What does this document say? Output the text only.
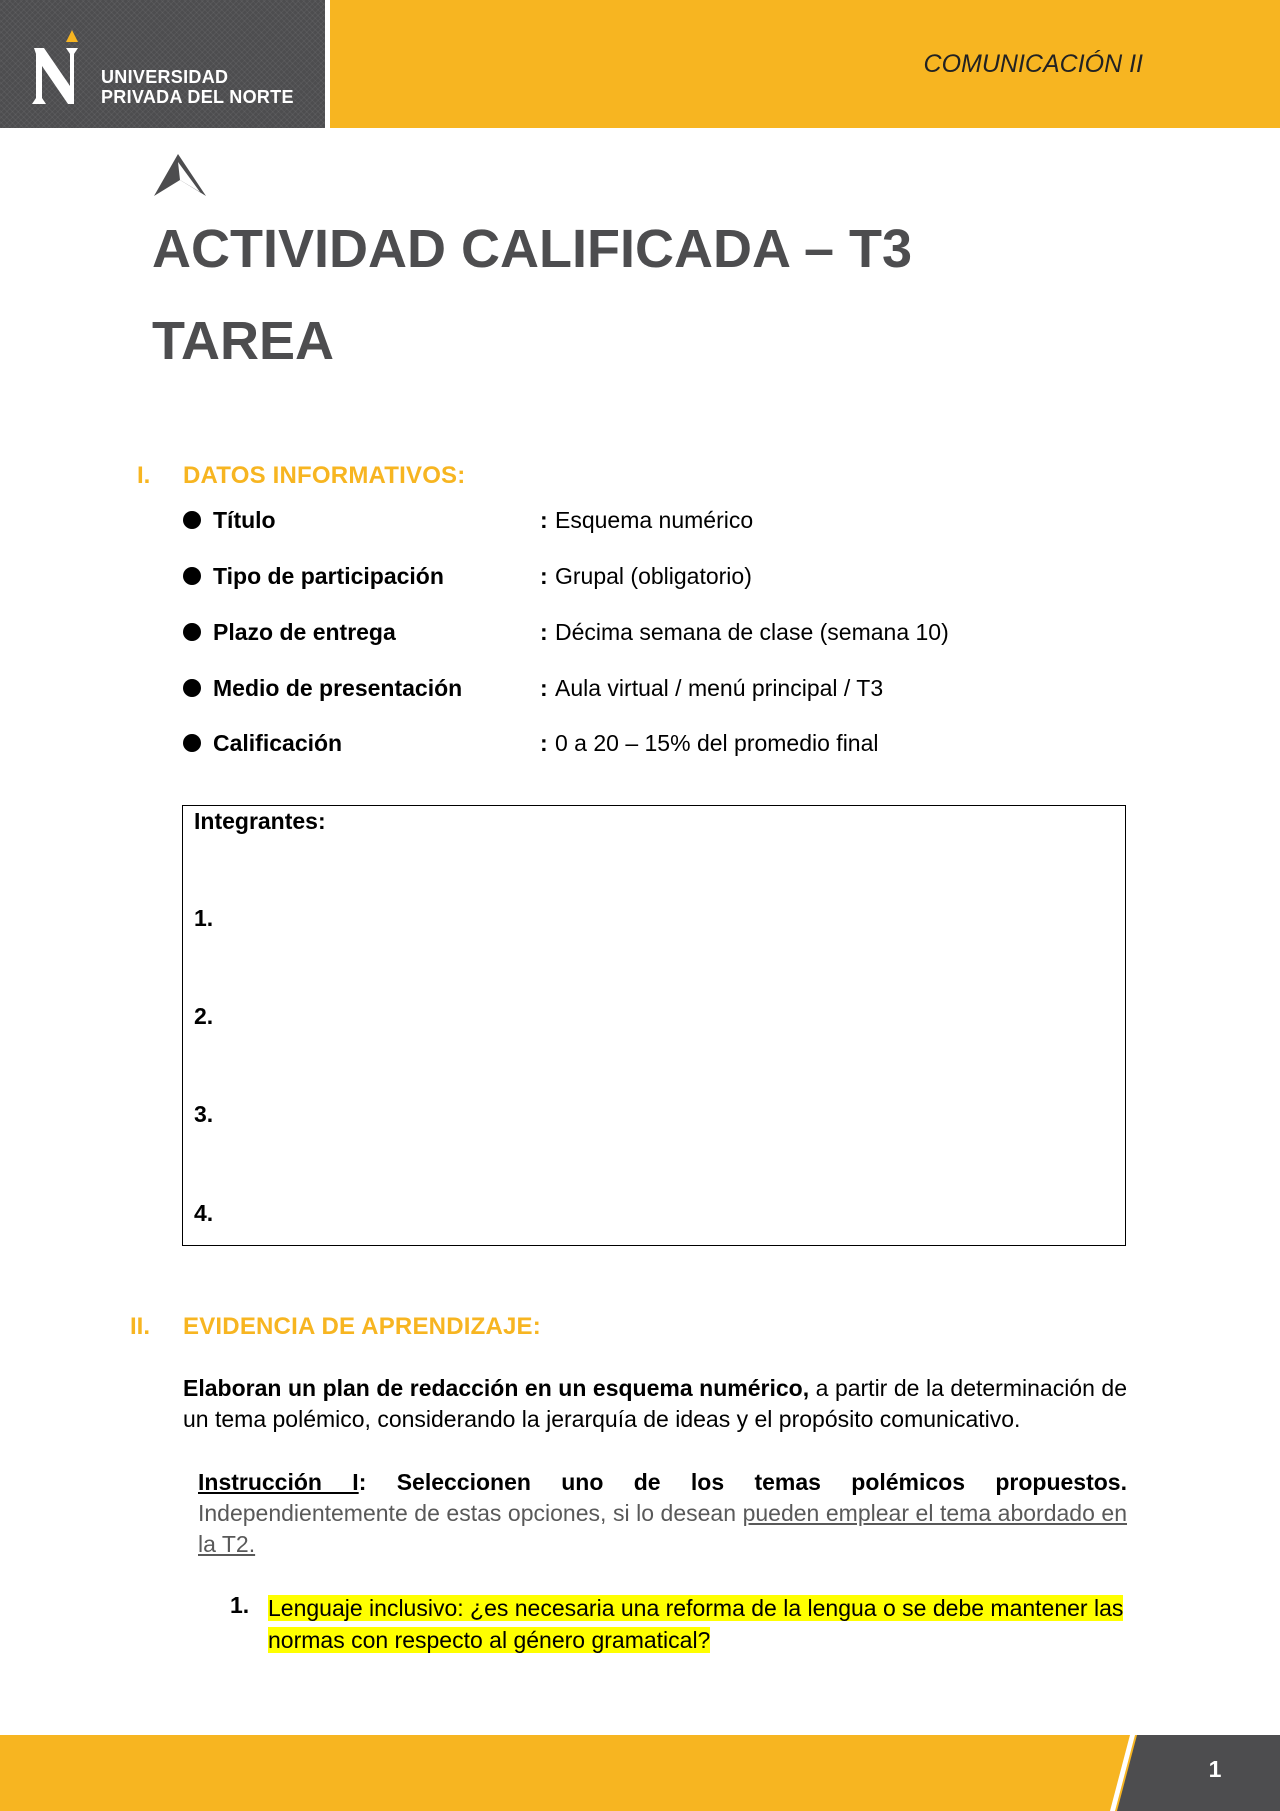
UNIVERSIDAD
PRIVADA DEL NORTE
COMUNICACIÓN II
ACTIVIDAD CALIFICADA – T3
TAREA
I. DATOS INFORMATIVOS:
Título	: Esquema numérico
Tipo de participación	: Grupal (obligatorio)
Plazo de entrega	: Décima semana de clase (semana 10)
Medio de presentación	: Aula virtual / menú principal / T3
Calificación	: 0 a 20 – 15% del promedio final
Integrantes:
1.
2.
3.
4.
II. EVIDENCIA DE APRENDIZAJE:
Elaboran un plan de redacción en un esquema numérico, a partir de la determinación de un tema polémico, considerando la jerarquía de ideas y el propósito comunicativo.
Instrucción I: Seleccionen uno de los temas polémicos propuestos. Independientemente de estas opciones, si lo desean pueden emplear el tema abordado en la T2.
1. Lenguaje inclusivo: ¿es necesaria una reforma de la lengua o se debe mantener las normas con respecto al género gramatical?
1
